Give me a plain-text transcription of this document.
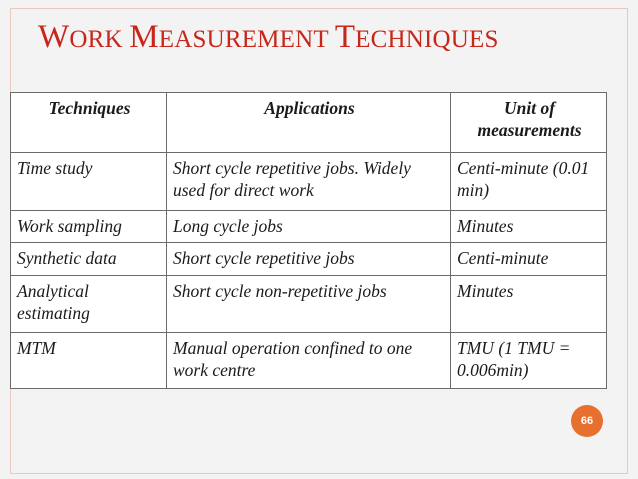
WORK MEASUREMENT TECHNIQUES
Techniques	Applications	Unit of measurements
Time study	Short cycle repetitive jobs. Widely used for direct work	Centi-minute (0.01 min)
Work sampling	Long cycle jobs	Minutes
Synthetic data	Short cycle repetitive jobs	Centi-minute
Analytical estimating	Short cycle non-repetitive jobs	Minutes
MTM	Manual operation confined to one work centre	TMU (1 TMU = 0.006min)
66
